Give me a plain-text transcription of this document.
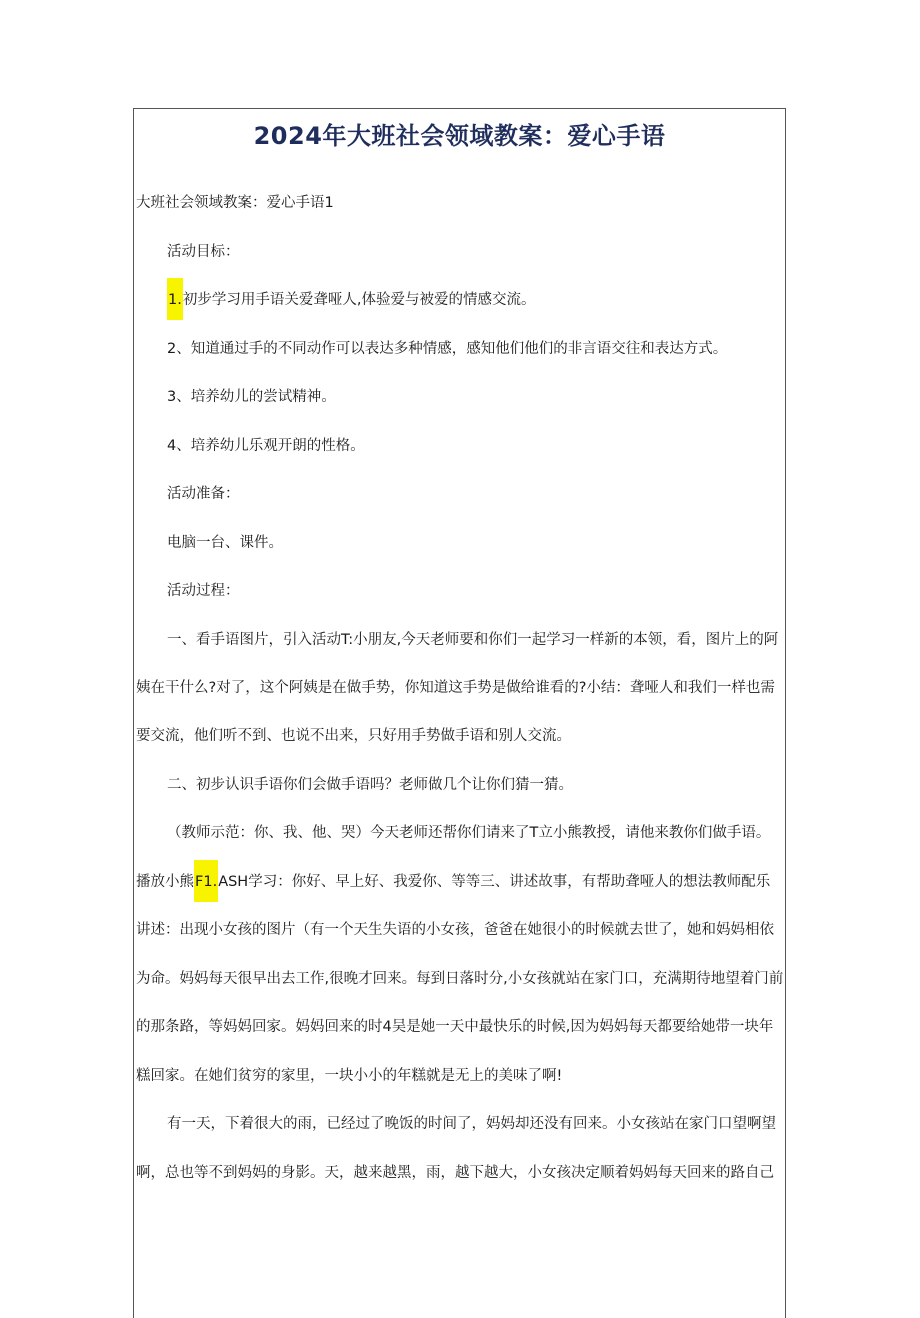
2024年大班社会领域教案：爱心手语
大班社会领域教案：爱心手语1
活动目标：
1.初步学习用手语关爱聋哑人,体验爱与被爱的情感交流。
2、知道通过手的不同动作可以表达多种情感，感知他们他们的非言语交往和表达方式。
3、培养幼儿的尝试精神。
4、培养幼儿乐观开朗的性格。
活动准备：
电脑一台、课件。
活动过程：
一、看手语图片，引入活动T:小朋友,今天老师要和你们一起学习一样新的本领，看，图片上的阿
姨在干什么?对了，这个阿姨是在做手势，你知道这手势是做给谁看的?小结：聋哑人和我们一样也需
要交流，他们听不到、也说不出来，只好用手势做手语和别人交流。
二、初步认识手语你们会做手语吗？老师做几个让你们猜一猜。
（教师示范：你、我、他、哭）今天老师还帮你们请来了T立小熊教授，请他来教你们做手语。
播放小熊F1.ASH学习：你好、早上好、我爱你、等等三、讲述故事，有帮助聋哑人的想法教师配乐
讲述：出现小女孩的图片（有一个天生失语的小女孩，爸爸在她很小的时候就去世了，她和妈妈相依
为命。妈妈每天很早出去工作,很晚才回来。每到日落时分,小女孩就站在家门口，充满期待地望着门前
的那条路，等妈妈回家。妈妈回来的时4吴是她一天中最快乐的时候,因为妈妈每天都要给她带一块年
糕回家。在她们贫穷的家里，一块小小的年糕就是无上的美味了啊!
有一天，下着很大的雨，已经过了晚饭的时间了，妈妈却还没有回来。小女孩站在家门口望啊望
啊，总也等不到妈妈的身影。天，越来越黑，雨，越下越大，小女孩决定顺着妈妈每天回来的路自己
